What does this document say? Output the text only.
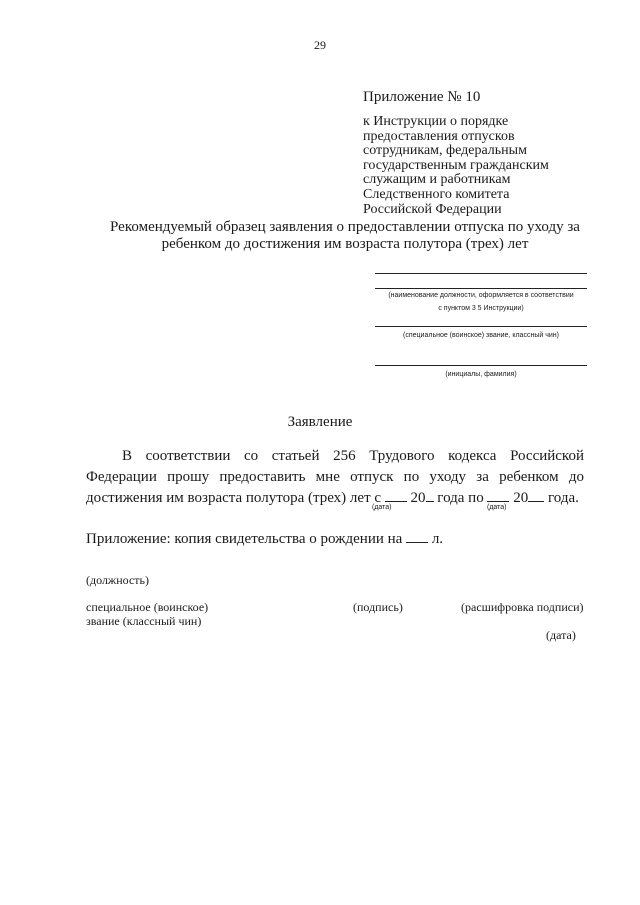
29
Приложение № 10
к Инструкции о порядке
предоставления отпусков
сотрудникам, федеральным
государственным гражданским
служащим и работникам
Следственного комитета
Российской Федерации
Рекомендуемый образец заявления о предоставлении отпуска по уходу за
ребенком до достижения им возраста полутора (трех) лет
(наименование должности, оформляется в соответствии
с пунктом 3 5 Инструкции)
(специальное (воинское) звание, классный чин)
(инициалы, фамилия)
Заявление
В соответствии со статьей 256 Трудового кодекса Российской
Федерации прошу предоставить мне отпуск по уходу за ребенком до
достижения им возраста полутора (трех) лет с 20 года по 20 года.
(дата)	(дата)
Приложение: копия свидетельства о рождении на л.
(должность)
специальное (воинское)
звание (классный чин)
(подпись)	(расшифровка подписи)
(дата)
